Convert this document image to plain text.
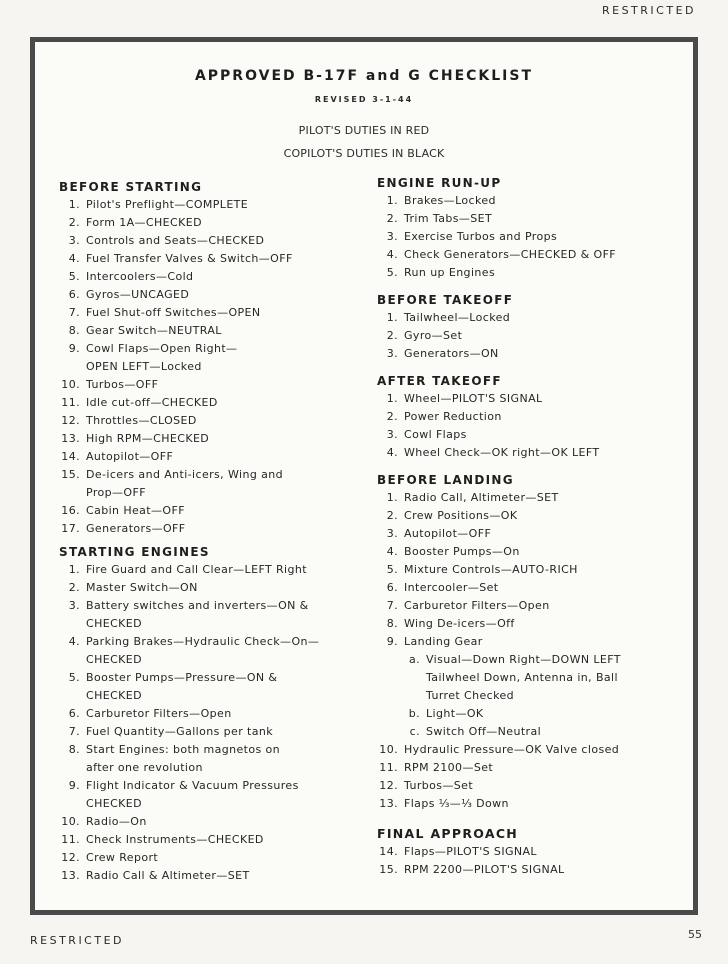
RESTRICTED
APPROVED B-17F and G CHECKLIST
REVISED 3-1-44
PILOT'S DUTIES IN RED
COPILOT'S DUTIES IN BLACK
BEFORE STARTING
1. Pilot's Preflight—COMPLETE
2. Form 1A—CHECKED
3. Controls and Seats—CHECKED
4. Fuel Transfer Valves & Switch—OFF
5. Intercoolers—Cold
6. Gyros—UNCAGED
7. Fuel Shut-off Switches—OPEN
8. Gear Switch—NEUTRAL
9. Cowl Flaps—Open Right—
OPEN LEFT—Locked
10. Turbos—OFF
11. Idle cut-off—CHECKED
12. Throttles—CLOSED
13. High RPM—CHECKED
14. Autopilot—OFF
15. De-icers and Anti-icers, Wing and
Prop—OFF
16. Cabin Heat—OFF
17. Generators—OFF
STARTING ENGINES
1. Fire Guard and Call Clear—LEFT Right
2. Master Switch—ON
3. Battery switches and inverters—ON &
CHECKED
4. Parking Brakes—Hydraulic Check—On—
CHECKED
5. Booster Pumps—Pressure—ON &
CHECKED
6. Carburetor Filters—Open
7. Fuel Quantity—Gallons per tank
8. Start Engines: both magnetos on
after one revolution
9. Flight Indicator & Vacuum Pressures
CHECKED
10. Radio—On
11. Check Instruments—CHECKED
12. Crew Report
13. Radio Call & Altimeter—SET
ENGINE RUN-UP
1. Brakes—Locked
2. Trim Tabs—SET
3. Exercise Turbos and Props
4. Check Generators—CHECKED & OFF
5. Run up Engines
BEFORE TAKEOFF
1. Tailwheel—Locked
2. Gyro—Set
3. Generators—ON
AFTER TAKEOFF
1. Wheel—PILOT'S SIGNAL
2. Power Reduction
3. Cowl Flaps
4. Wheel Check—OK right—OK LEFT
BEFORE LANDING
1. Radio Call, Altimeter—SET
2. Crew Positions—OK
3. Autopilot—OFF
4. Booster Pumps—On
5. Mixture Controls—AUTO-RICH
6. Intercooler—Set
7. Carburetor Filters—Open
8. Wing De-icers—Off
9. Landing Gear
a. Visual—Down Right—DOWN LEFT
Tailwheel Down, Antenna in, Ball
Turret Checked
b. Light—OK
c. Switch Off—Neutral
10. Hydraulic Pressure—OK Valve closed
11. RPM 2100—Set
12. Turbos—Set
13. Flaps ⅓—⅓ Down
FINAL APPROACH
14. Flaps—PILOT'S SIGNAL
15. RPM 2200—PILOT'S SIGNAL
RESTRICTED	55
